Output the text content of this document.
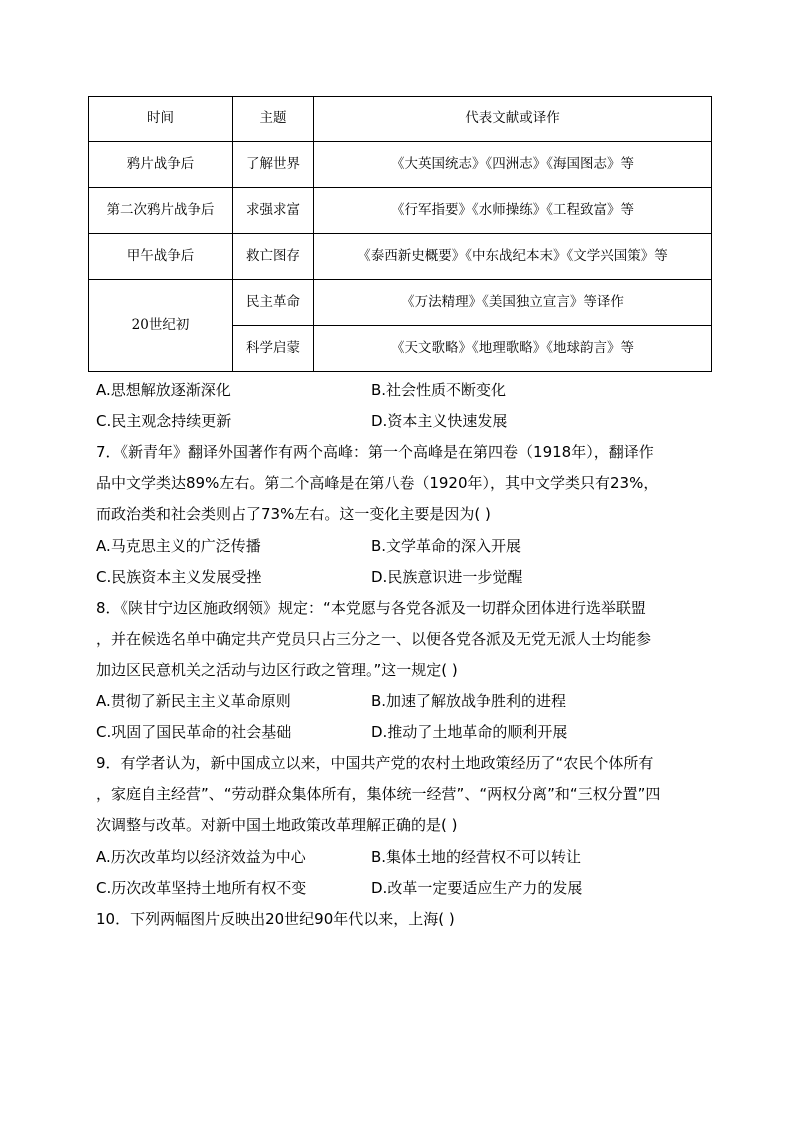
时间	主题	代表文献或译作
鸦片战争后	了解世界	《大英国统志》《四洲志》《海国图志》等
第二次鸦片战争后	求强求富	《行军指要》《水师操练》《工程致富》等
甲午战争后	救亡图存	《泰西新史概要》《中东战纪本末》《文学兴国策》等
20世纪初	民主革命	《万法精理》《美国独立宣言》等译作
	科学启蒙	《天文歌略》《地理歌略》《地球韵言》等
A.思想解放逐渐深化	B.社会性质不断变化
C.民主观念持续更新	D.资本主义快速发展
7．《新青年》翻译外国著作有两个高峰：第一个高峰是在第四卷（1918年），翻译作
品中文学类达89%左右。第二个高峰是在第八卷（1920年），其中文学类只有23%，
而政治类和社会类则占了73%左右。这一变化主要是因为( )
A.马克思主义的广泛传播	B.文学革命的深入开展
C.民族资本主义发展受挫	D.民族意识进一步觉醒
8．《陕甘宁边区施政纲领》规定：“本党愿与各党各派及一切群众团体进行选举联盟
，并在候选名单中确定共产党员只占三分之一、以便各党各派及无党无派人士均能参
加边区民意机关之活动与边区行政之管理。”这一规定( )
A.贯彻了新民主主义革命原则	B.加速了解放战争胜利的进程
C.巩固了国民革命的社会基础	D.推动了土地革命的顺利开展
9．有学者认为，新中国成立以来，中国共产党的农村土地政策经历了“农民个体所有
，家庭自主经营”、“劳动群众集体所有，集体统一经营”、“两权分离”和“三权分置”四
次调整与改革。对新中国土地政策改革理解正确的是( )
A.历次改革均以经济效益为中心	B.集体土地的经营权不可以转让
C.历次改革坚持土地所有权不变	D.改革一定要适应生产力的发展
10．下列两幅图片反映出20世纪90年代以来，上海( )
